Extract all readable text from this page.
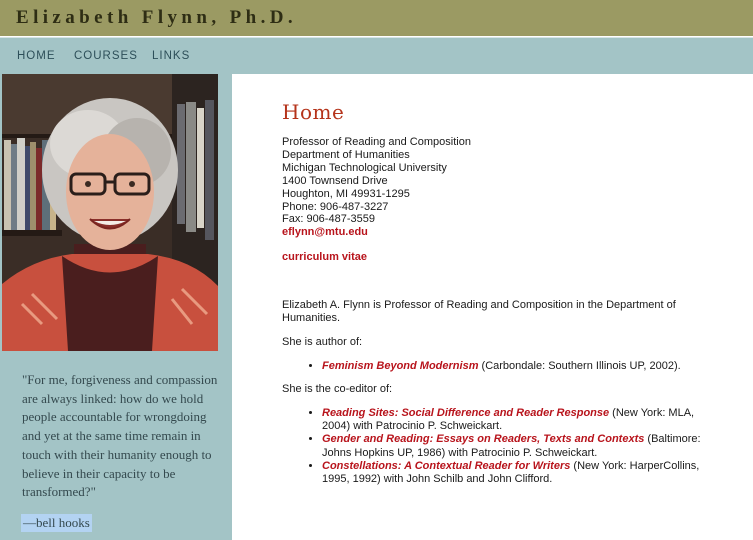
Elizabeth Flynn, Ph.D.
HOME COURSES LINKS
"For me, forgiveness and compassion are always linked: how do we hold people accountable for wrongdoing and yet at the same time remain in touch with their humanity enough to believe in their capacity to be transformed?"
—bell hooks
Home
Professor of Reading and Composition
Department of Humanities
Michigan Technological University
1400 Townsend Drive
Houghton, MI 49931-1295
Phone: 906-487-3227
Fax: 906-487-3559
eflynn@mtu.edu
curriculum vitae
Elizabeth A. Flynn is Professor of Reading and Composition in the Department of Humanities.
She is author of:
• Feminism Beyond Modernism (Carbondale: Southern Illinois UP, 2002).
She is the co-editor of:
• Reading Sites: Social Difference and Reader Response (New York: MLA, 2004) with Patrocinio P. Schweickart.
• Gender and Reading: Essays on Readers, Texts and Contexts (Baltimore: Johns Hopkins UP, 1986) with Patrocinio P. Schweickart.
• Constellations: A Contextual Reader for Writers (New York: HarperCollins, 1995, 1992) with John Schilb and John Clifford.
